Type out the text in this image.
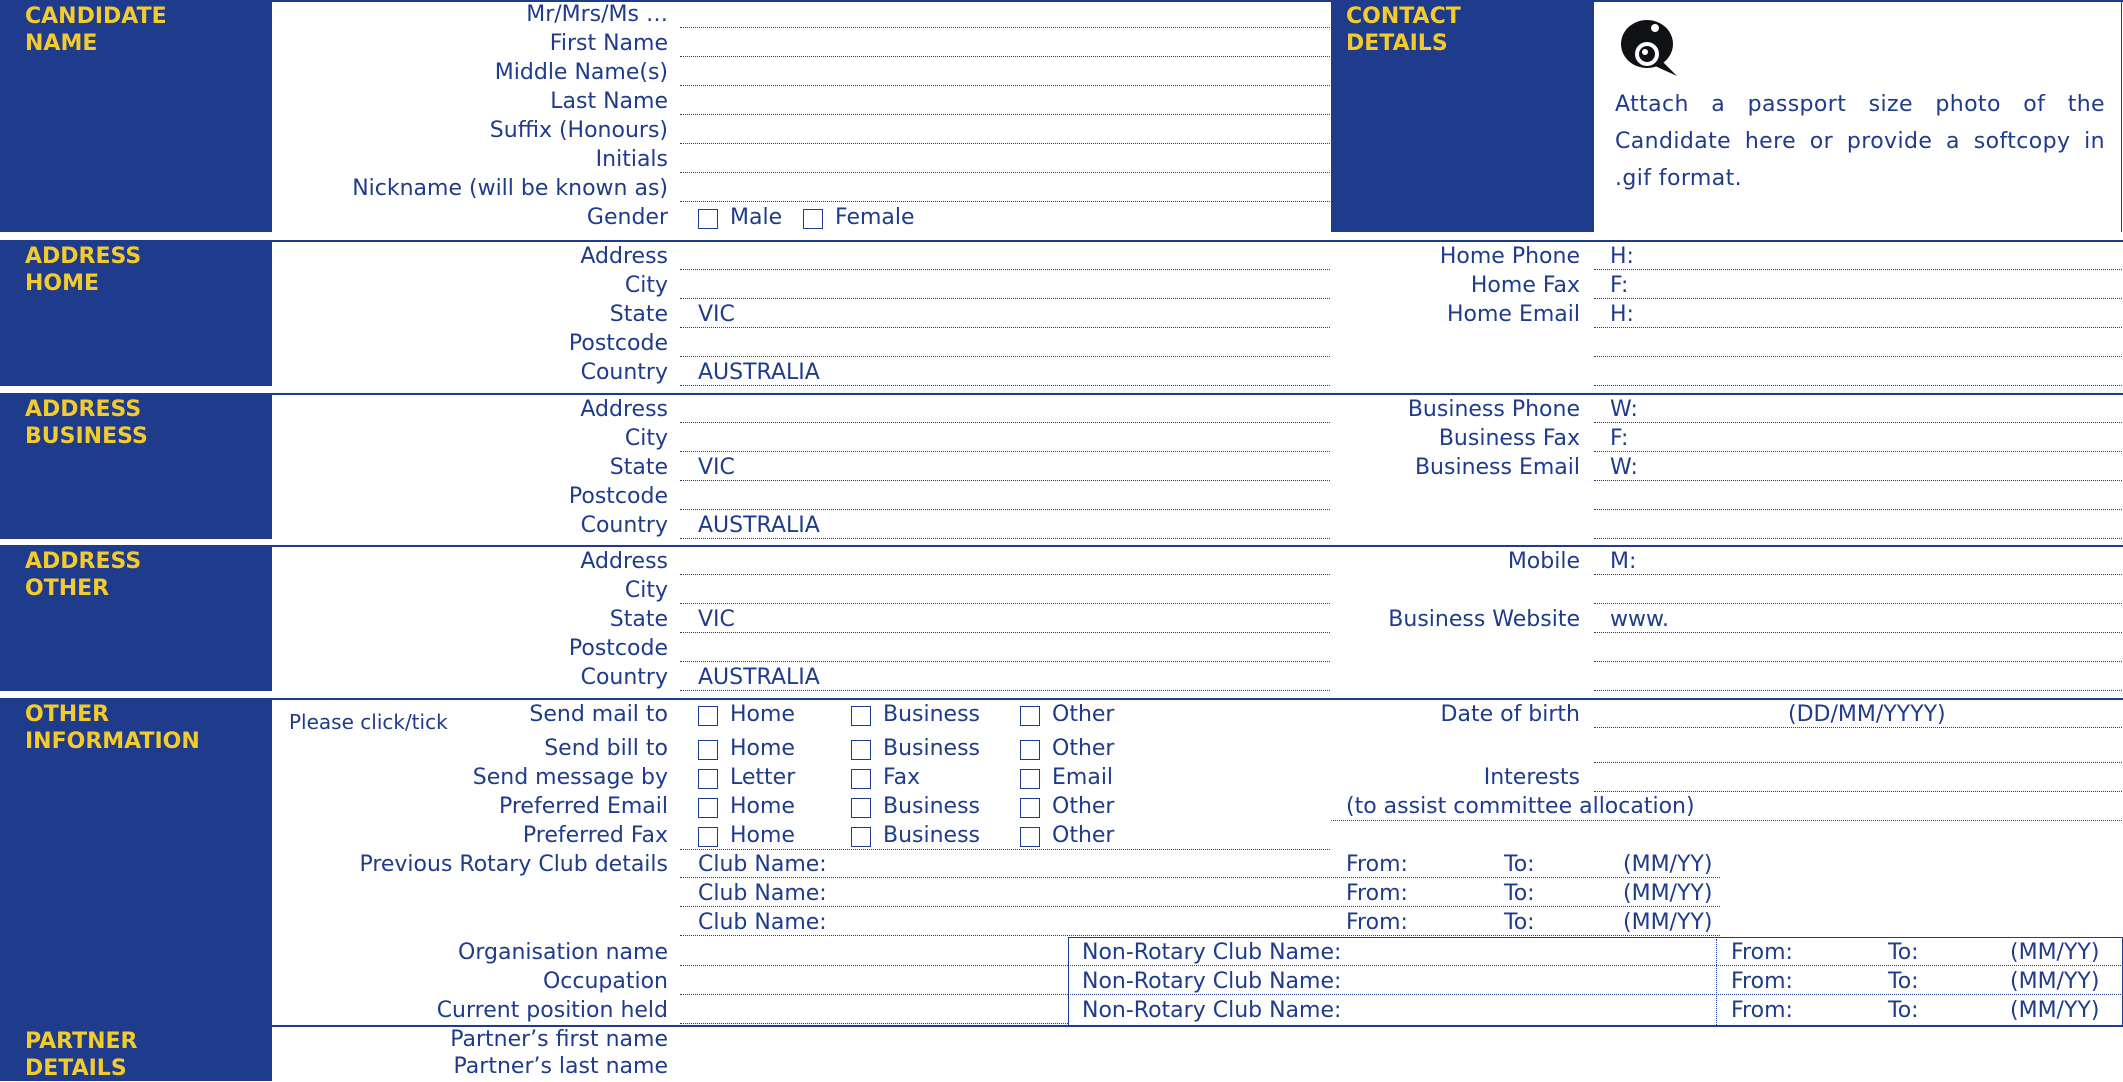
CANDIDATE
NAME

CONTACT
DETAILS

Attach a passport size photo of the Candidate here or provide a softcopy in .gif format.

ADDRESS
HOME

ADDRESS
BUSINESS

ADDRESS
OTHER

OTHER
INFORMATION

Please click/tick

PARTNER
DETAILS

Mr/Mrs/Ms …
First Name
Middle Name(s)
Last Name
Suffix (Honours)
Initials
Nickname (will be known as)
Gender	Male Female
Address
City
State VIC
Postcode
Country AUSTRALIA
Home Phone H:
Home Fax F:
Home Email H:
Address
City
State VIC
Postcode
Country AUSTRALIA
Business Phone W:
Business Fax F:
Business Email W:
Address
City
State VIC
Postcode
Country AUSTRALIA
Mobile M:
Business Website www.
Send mail to	Home	Business	Other
Send bill to	Home	Business	Other
Send message by	Letter	Fax	Email
Preferred Email	Home	Business	Other
Preferred Fax	Home	Business	Other
Date of birth	(DD/MM/YYYY)
Interests
(to assist committee allocation)
Previous Rotary Club details Club Name:	From:	To:	(MM/YY)
Club Name:	From:	To:	(MM/YY)
Club Name:	From:	To:	(MM/YY)
Organisation name
Occupation
Current position held
Non-Rotary Club Name:	From:	To:	(MM/YY)
Non-Rotary Club Name:	From:	To:	(MM/YY)
Non-Rotary Club Name:	From:	To:	(MM/YY)
Partner’s first name
Partner’s last name
